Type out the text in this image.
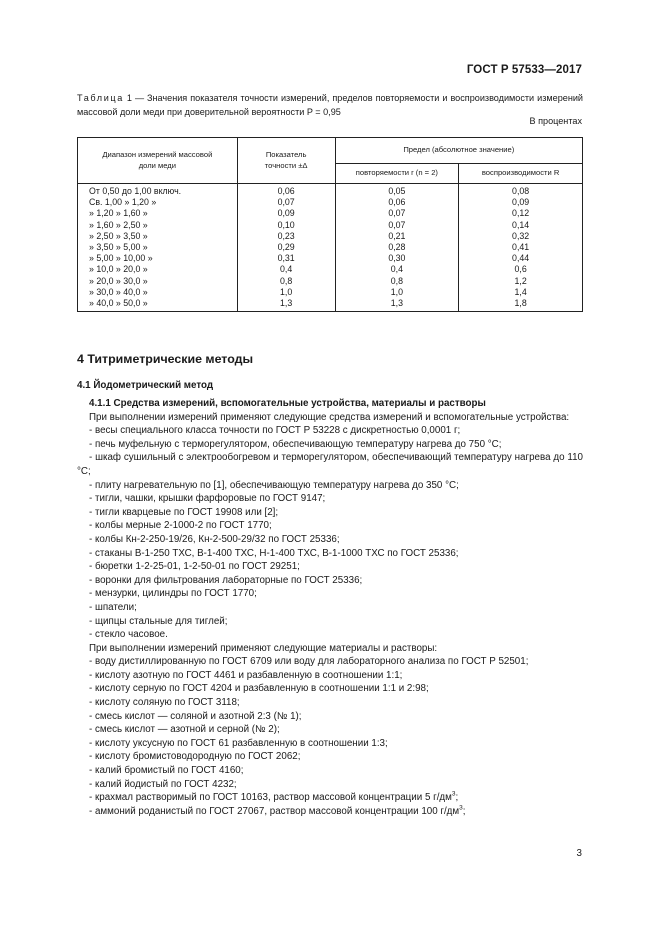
ГОСТ Р 57533—2017
Таблица 1 — Значения показателя точности измерений, пределов повторяемости и воспроизводимости измерений массовой доли меди при доверительной вероятности P = 0,95
В процентах
Диапазон измерений массовой доли меди	Показатель точности ±Δ	Предел (абсолютное значение)	
		повторяемости r (n = 2)	воспроизводимости R
От 0,50 до 1,00 включ.	0,06	0,05	0,08
Св. 1,00 » 1,20 »	0,07	0,06	0,09
» 1,20 » 1,60 »	0,09	0,07	0,12
» 1,60 » 2,50 »	0,10	0,07	0,14
» 2,50 » 3,50 »	0,23	0,21	0,32
» 3,50 » 5,00 »	0,29	0,28	0,41
» 5,00 » 10,00 »	0,31	0,30	0,44
» 10,0 » 20,0 »	0,4	0,4	0,6
» 20,0 » 30,0 »	0,8	0,8	1,2
» 30,0 » 40,0 »	1,0	1,0	1,4
» 40,0 » 50,0 »	1,3	1,3	1,8
4 Титриметрические методы
4.1 Йодометрический метод

4.1.1 Средства измерений, вспомогательные устройства, материалы и растворы

При выполнении измерений применяют следующие средства измерений и вспомогательные устройства:

- весы специального класса точности по ГОСТ Р 53228 с дискретностью 0,0001 г;

- печь муфельную с терморегулятором, обеспечивающую температуру нагрева до 750 °С;

- шкаф сушильный с электрообогревом и терморегулятором, обеспечивающий температуру нагрева до 110 °С;

- плиту нагревательную по [1], обеспечивающую температуру нагрева до 350 °С;

- тигли, чашки, крышки фарфоровые по ГОСТ 9147;

- тигли кварцевые по ГОСТ 19908 или [2];

- колбы мерные 2-1000-2 по ГОСТ 1770;

- колбы Кн-2-250-19/26, Кн-2-500-29/32 по ГОСТ 25336;

- стаканы В-1-250 ТХС, В-1-400 ТХС, Н-1-400 ТХС, В-1-1000 ТХС по ГОСТ 25336;

- бюретки 1-2-25-01, 1-2-50-01 по ГОСТ 29251;

- воронки для фильтрования лабораторные по ГОСТ 25336;

- мензурки, цилиндры по ГОСТ 1770;

- шпатели;

- щипцы стальные для тиглей;

- стекло часовое.

При выполнении измерений применяют следующие материалы и растворы:

- воду дистиллированную по ГОСТ 6709 или воду для лабораторного анализа по ГОСТ Р 52501;

- кислоту азотную по ГОСТ 4461 и разбавленную в соотношении 1:1;

- кислоту серную по ГОСТ 4204 и разбавленную в соотношении 1:1 и 2:98;

- кислоту соляную по ГОСТ 3118;

- смесь кислот — соляной и азотной 2:3 (№ 1);

- смесь кислот — азотной и серной (№ 2);

- кислоту уксусную по ГОСТ 61 разбавленную в соотношении 1:3;

- кислоту бромистоводородную по ГОСТ 2062;

- калий бромистый по ГОСТ 4160;

- калий йодистый по ГОСТ 4232;

- крахмал растворимый по ГОСТ 10163, раствор массовой концентрации 5 $г/дм^3$;

- аммоний роданистый по ГОСТ 27067, раствор массовой концентрации 100 $г/дм^3$;

3
